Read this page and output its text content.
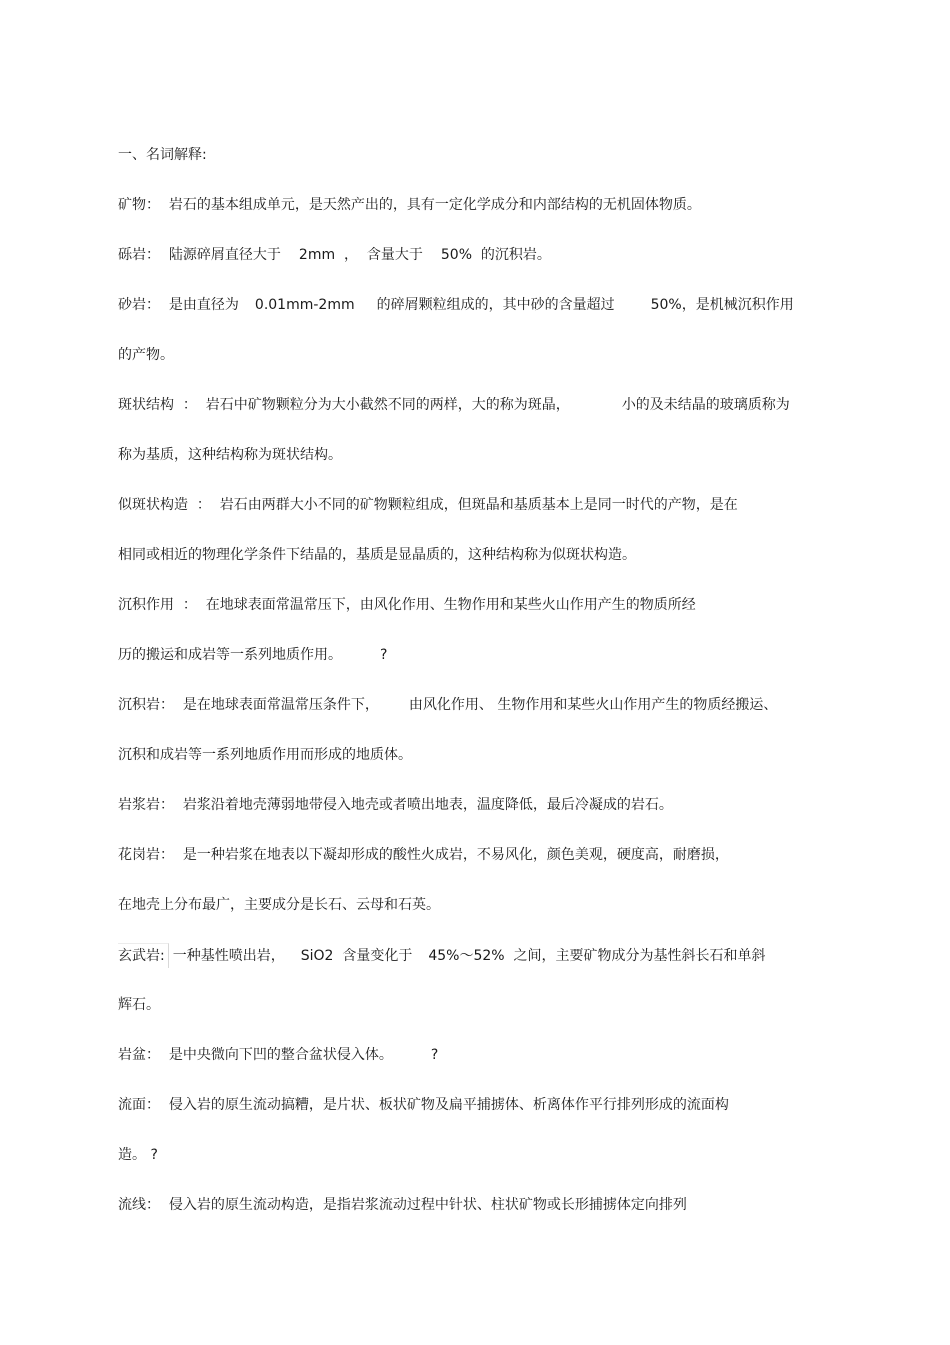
一、名词解释:
矿物：  岩石的基本组成单元，是天然产出的，具有一定化学成分和内部结构的无机固体物质。
砾岩：  陆源碎屑直径大于 2mm  ，  含量大于 50%  的沉积岩。
砂岩：  是由直径为 0.01mm-2mm 的碎屑颗粒组成的，其中砂的含量超过	50%，是机械沉积作用
的产物。
斑状结构  ：  岩石中矿物颗粒分为大小截然不同的两样，大的称为斑晶，	小的及未结晶的玻璃质称为
称为基质，这种结构称为斑状结构。
似斑状构造  ：  岩石由两群大小不同的矿物颗粒组成，但斑晶和基质基本上是同一时代的产物，是在
相同或相近的物理化学条件下结晶的，基质是显晶质的，这种结构称为似斑状构造。
沉积作用  ：  在地球表面常温常压下，由风化作用、生物作用和某些火山作用产生的物质所经
历的搬运和成岩等一系列地质作用。	?
沉积岩：  是在地球表面常温常压条件下， 由风化作用、 生物作用和某些火山作用产生的物质经搬运、
沉积和成岩等一系列地质作用而形成的地质体。
岩浆岩：  岩浆沿着地壳薄弱地带侵入地壳或者喷出地表，温度降低，最后冷凝成的岩石。
花岗岩：  是一种岩浆在地表以下凝却形成的酸性火成岩，不易风化，颜色美观，硬度高，耐磨损，
在地壳上分布最广，主要成分是长石、云母和石英。
玄武岩: 一种基性喷出岩， SiO2  含量变化于 45%～52%  之间，主要矿物成分为基性斜长石和单斜
辉石。
岩盆：  是中央微向下凹的整合盆状侵入体。	?
流面：  侵入岩的原生流动搞糟，是片状、板状矿物及扁平捕掳体、析离体作平行排列形成的流面构
造。 ?
流线：  侵入岩的原生流动构造，是指岩浆流动过程中针状、柱状矿物或长形捕掳体定向排列
